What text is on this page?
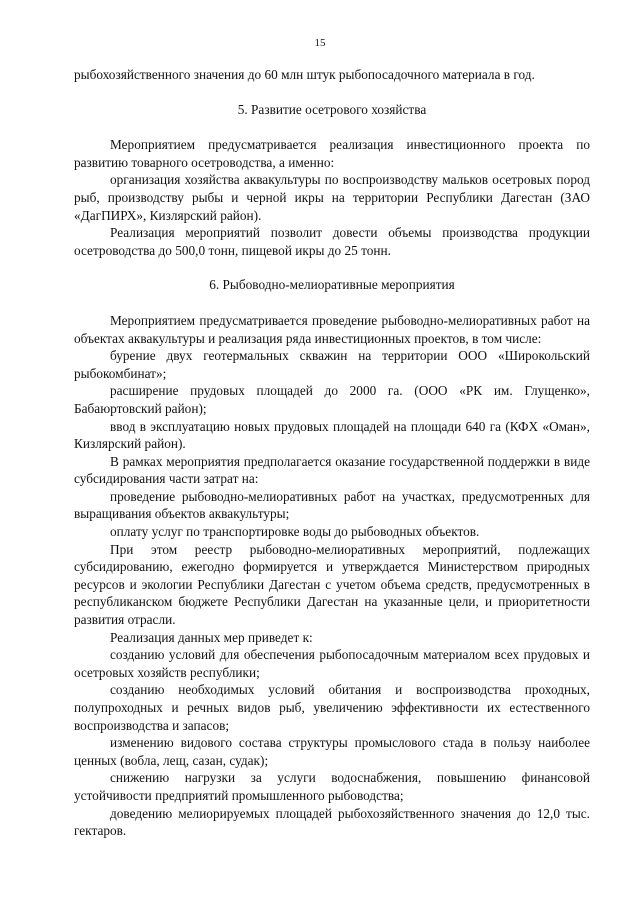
15

рыбохозяйственного значения до 60 млн штук рыбопосадочного материала в год.

5. Развитие осетрового хозяйства

Мероприятием предусматривается реализация инвестиционного проекта по развитию товарного осетроводства, а именно:

организация хозяйства аквакультуры по воспроизводству мальков осетровых пород рыб, производству рыбы и черной икры на территории Республики Дагестан (ЗАО «ДагПИРХ», Кизлярский район).

Реализация мероприятий позволит довести объемы производства продукции осетроводства до 500,0 тонн, пищевой икры до 25 тонн.

6. Рыбоводно-мелиоративные мероприятия

Мероприятием предусматривается проведение рыбоводно-мелиоративных работ на объектах аквакультуры и реализация ряда инвестиционных проектов, в том числе:

бурение двух геотермальных скважин на территории ООО «Широкольский рыбокомбинат»;

расширение прудовых площадей до 2000 га. (ООО «РК им. Глущенко», Бабаюртовский район);

ввод в эксплуатацию новых прудовых площадей на площади 640 га (КФХ «Оман», Кизлярский район).

В рамках мероприятия предполагается оказание государственной поддержки в виде субсидирования части затрат на:

проведение рыбоводно-мелиоративных работ на участках, предусмотренных для выращивания объектов аквакультуры;

оплату услуг по транспортировке воды до рыбоводных объектов.

При этом реестр рыбоводно-мелиоративных мероприятий, подлежащих субсидированию, ежегодно формируется и утверждается Министерством природных ресурсов и экологии Республики Дагестан с учетом объема средств, предусмотренных в республиканском бюджете Республики Дагестан на указанные цели, и приоритетности развития отрасли.

Реализация данных мер приведет к:

созданию условий для обеспечения рыбопосадочным материалом всех прудовых и осетровых хозяйств республики;

созданию необходимых условий обитания и воспроизводства проходных, полупроходных и речных видов рыб, увеличению эффективности их естественного воспроизводства и запасов;

изменению видового состава структуры промыслового стада в пользу наиболее ценных (вобла, лещ, сазан, судак);

снижению нагрузки за услуги водоснабжения, повышению финансовой устойчивости предприятий промышленного рыбоводства;

доведению мелиорируемых площадей рыбохозяйственного значения до 12,0 тыс. гектаров.
